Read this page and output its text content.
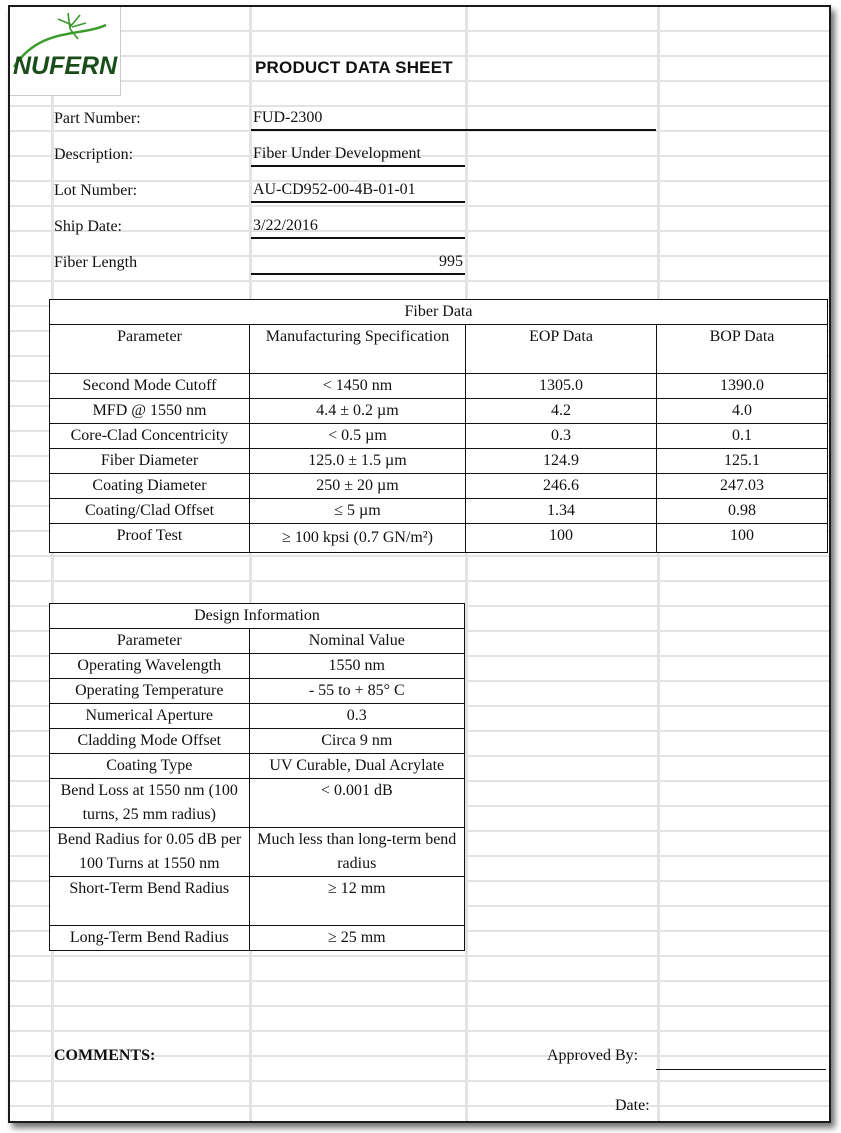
NUFERN	PRODUCT DATA SHEET
Part Number:	FUD-2300
Description:	Fiber Under Development
Lot Number:	AU-CD952-00-4B-01-01
Ship Date:	3/22/2016
Fiber Length	995
Fiber Data			
Parameter	Manufacturing Specification	EOP Data	BOP Data
Second Mode Cutoff	< 1450 nm	1305.0	1390.0
MFD @ 1550 nm	4.4 ± 0.2 µm	4.2	4.0
Core-Clad Concentricity	< 0.5 µm	0.3	0.1
Fiber Diameter	125.0 ± 1.5 µm	124.9	125.1
Coating Diameter	250 ± 20 µm	246.6	247.03
Coating/Clad Offset	≤ 5 µm	1.34	0.98
Proof Test	≥ 100 kpsi (0.7 GN/m²)	100	100
Design Information	
Parameter	Nominal Value
Operating Wavelength	1550 nm
Operating Temperature	- 55 to + 85° C
Numerical Aperture	0.3
Cladding Mode Offset	Circa 9 nm
Coating Type	UV Curable, Dual Acrylate
Bend Loss at 1550 nm (100 turns, 25 mm radius)	< 0.001 dB
Bend Radius for 0.05 dB per 100 Turns at 1550 nm	Much less than long-term bend radius
Short-Term Bend Radius	≥ 12 mm
Long-Term Bend Radius	≥ 25 mm
COMMENTS:	Approved By:
Date:
